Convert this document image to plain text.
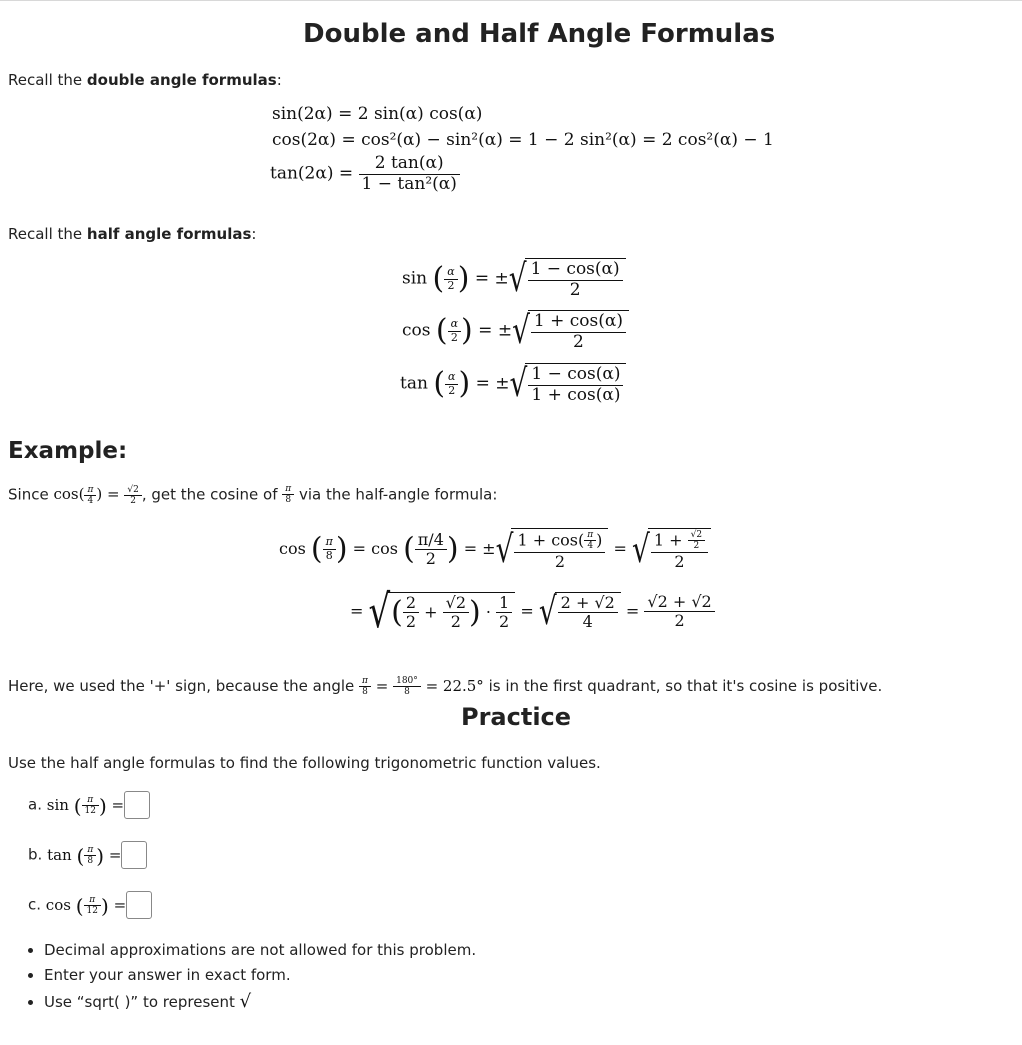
Double and Half Angle Formulas
Recall the double angle formulas:
sin(2α) = 2 sin(α) cos(α)
cos(2α) = cos²(α) − sin²(α) = 1 − 2 sin²(α) = 2 cos²(α) − 1
$\tan(2\alpha) = \frac{2 \tan(\alpha)}{\text{1 − tan²(α)}}$
Recall the half angle formulas:
sin ( $\frac{\alpha}{2}$ ) = ±√ $\frac{1 - \cos(\alpha)}{2}$
cos ( $\frac{\alpha}{2}$ ) = ±√ $\frac{1 + \cos(\alpha)}{2}$
tan ( $\frac{\alpha}{2}$ ) = ±√ $\frac{1 - \cos(\alpha)}{1 + \cos(\alpha)}$
Example:
Since $\cos( \frac{\pi}{4}$ ) = $\frac{√2}{2}$ , get the cosine of $\frac{\pi}{8}$ via the half-angle formula:
cos ( $\frac{\pi}{8}$ ) = cos ( $\frac{\pi/4}{2}$ ) = ±√ $\frac{1 + \cos( \frac{\pi}{4} )}{2}$ = √ $\frac{1 + \frac{√2}{2}}{2}$
= √( $\frac{2}{2} + \frac{√2}{2}$ ) · $\frac{1}{2}$ = √ $\frac{2 + √2}{4} = \frac{√2 + √2}{2}$
Here, we used the '+' sign, because the angle $\frac{\pi}{8} = \frac{180^\circ}{8} = 22.5^\circ$ is in the first quadrant, so that it's cosine is positive.
Practice
Use the half angle formulas to find the following trigonometric function values.
a. sin ( $\frac{\pi}{12}$ ) =
b. tan ( $\frac{\pi}{8}$ ) =
c. cos ( $\frac{\pi}{12}$ ) =
• Decimal approximations are not allowed for this problem.
• Enter your answer in exact form.
• Use “sqrt( )” to represent √
